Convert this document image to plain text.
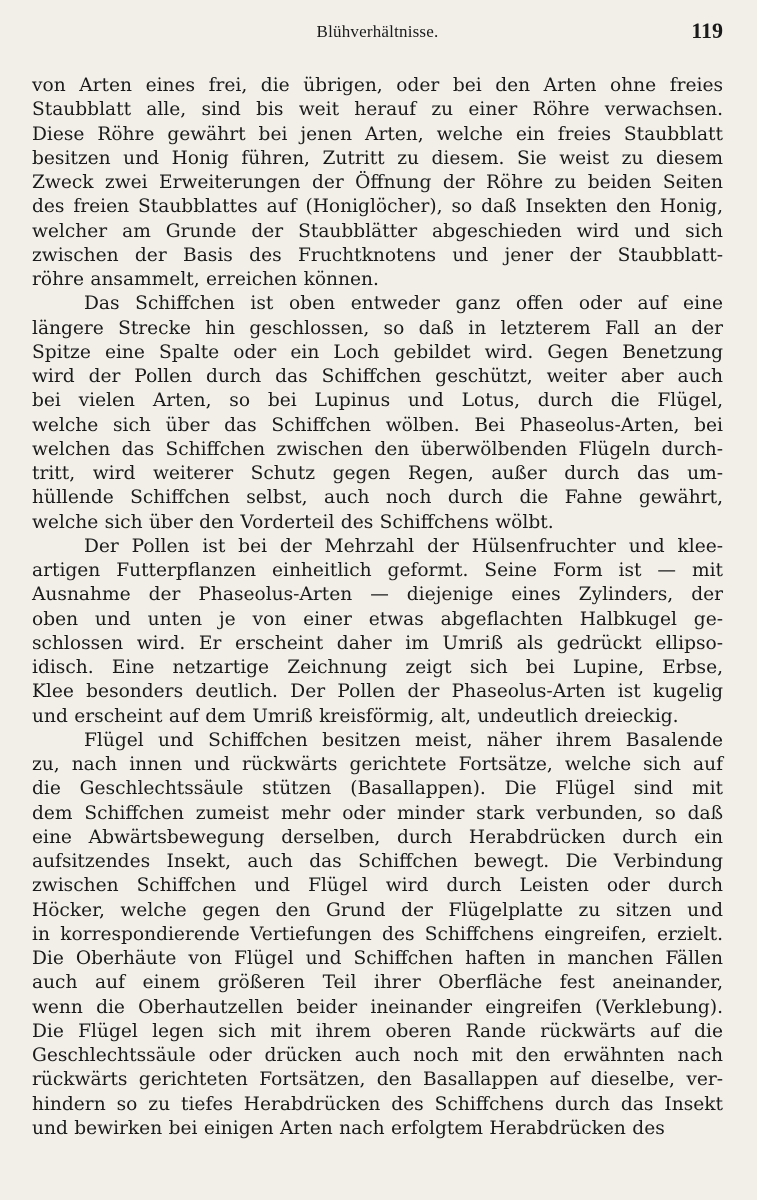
Blühverhältnisse.	119

von Arten eines frei, die übrigen, oder bei den Arten ohne freies
Staubblatt alle, sind bis weit herauf zu einer Röhre verwachsen.
Diese Röhre gewährt bei jenen Arten, welche ein freies Staubblatt
besitzen und Honig führen, Zutritt zu diesem. Sie weist zu diesem
Zweck zwei Erweiterungen der Öffnung der Röhre zu beiden Seiten
des freien Staubblattes auf (Honiglöcher), so daß Insekten den Honig,
welcher am Grunde der Staubblätter abgeschieden wird und sich
zwischen der Basis des Fruchtknotens und jener der Staubblatt-
röhre ansammelt, erreichen können.

Das Schiffchen ist oben entweder ganz offen oder auf eine
längere Strecke hin geschlossen, so daß in letzterem Fall an der
Spitze eine Spalte oder ein Loch gebildet wird. Gegen Benetzung
wird der Pollen durch das Schiffchen geschützt, weiter aber auch
bei vielen Arten, so bei Lupinus und Lotus, durch die Flügel,
welche sich über das Schiffchen wölben. Bei Phaseolus-Arten, bei
welchen das Schiffchen zwischen den überwölbenden Flügeln durch-
tritt, wird weiterer Schutz gegen Regen, außer durch das um-
hüllende Schiffchen selbst, auch noch durch die Fahne gewährt,
welche sich über den Vorderteil des Schiffchens wölbt.

Der Pollen ist bei der Mehrzahl der Hülsenfruchter und klee-
artigen Futterpflanzen einheitlich geformt. Seine Form ist — mit
Ausnahme der Phaseolus-Arten — diejenige eines Zylinders, der
oben und unten je von einer etwas abgeflachten Halbkugel ge-
schlossen wird. Er erscheint daher im Umriß als gedrückt ellipso-
idisch. Eine netzartige Zeichnung zeigt sich bei Lupine, Erbse,
Klee besonders deutlich. Der Pollen der Phaseolus-Arten ist kugelig
und erscheint auf dem Umriß kreisförmig, alt, undeutlich dreieckig.

Flügel und Schiffchen besitzen meist, näher ihrem Basalende
zu, nach innen und rückwärts gerichtete Fortsätze, welche sich auf
die Geschlechtssäule stützen (Basallappen). Die Flügel sind mit
dem Schiffchen zumeist mehr oder minder stark verbunden, so daß
eine Abwärtsbewegung derselben, durch Herabdrücken durch ein
aufsitzendes Insekt, auch das Schiffchen bewegt. Die Verbindung
zwischen Schiffchen und Flügel wird durch Leisten oder durch
Höcker, welche gegen den Grund der Flügelplatte zu sitzen und
in korrespondierende Vertiefungen des Schiffchens eingreifen, erzielt.
Die Oberhäute von Flügel und Schiffchen haften in manchen Fällen
auch auf einem größeren Teil ihrer Oberfläche fest aneinander,
wenn die Oberhautzellen beider ineinander eingreifen (Verklebung).
Die Flügel legen sich mit ihrem oberen Rande rückwärts auf die
Geschlechtssäule oder drücken auch noch mit den erwähnten nach
rückwärts gerichteten Fortsätzen, den Basallappen auf dieselbe, ver-
hindern so zu tiefes Herabdrücken des Schiffchens durch das Insekt
und bewirken bei einigen Arten nach erfolgtem Herabdrücken des
